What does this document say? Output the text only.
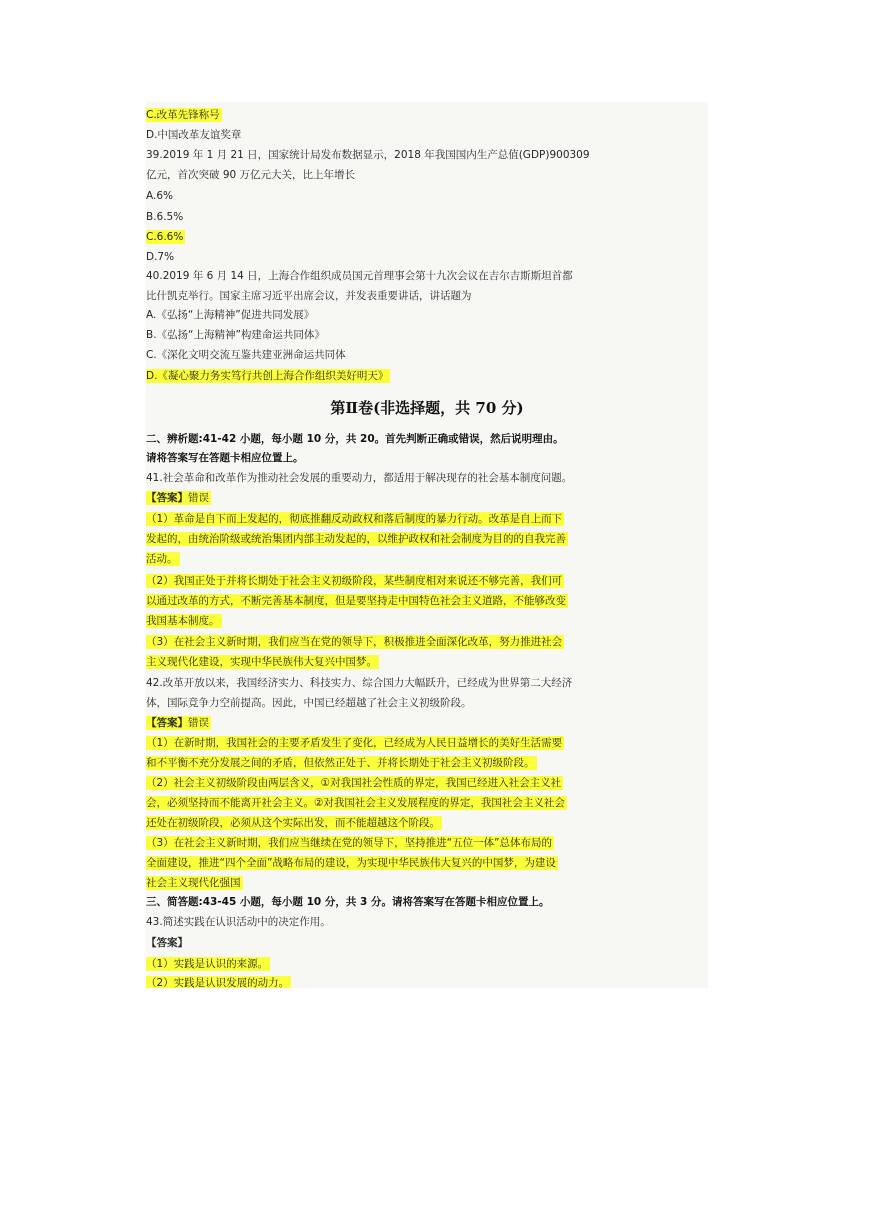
C.改革先锋称号
D.中国改革友谊奖章
39.2019 年 1 月 21 日，国家统计局发布数据显示，2018 年我国国内生产总值(GDP)900309
亿元，首次突破 90 万亿元大关，比上年增长
A.6%
B.6.5%
C.6.6%
D.7%
40.2019 年 6 月 14 日，上海合作组织成员国元首理事会第十九次会议在吉尔吉斯斯坦首都
比什凯克举行。国家主席习近平出席会议，并发表重要讲话，讲话题为
A.《弘扬“上海精神”促进共同发展》
B.《弘扬“上海精神”构建命运共同体》
C.《深化文明交流互鉴共建亚洲命运共同体
D.《凝心聚力务实笃行共创上海合作组织美好明天》
第Ⅱ卷(非选择题，共 70 分)
二、辨析题:41-42 小题，每小题 10 分，共 20。首先判断正确或错误，然后说明理由。
请将答案写在答题卡相应位置上。
41.社会革命和改革作为推动社会发展的重要动力，都适用于解决现存的社会基本制度问题。
【答案】错误
（1）革命是自下而上发起的，彻底推翻反动政权和落后制度的暴力行动。改革是自上而下
发起的，由统治阶级或统治集团内部主动发起的，以维护政权和社会制度为目的的自我完善
活动。
（2）我国正处于并将长期处于社会主义初级阶段，某些制度相对来说还不够完善，我们可
以通过改革的方式，不断完善基本制度，但是要坚持走中国特色社会主义道路，不能够改变
我国基本制度。
（3）在社会主义新时期，我们应当在党的领导下，积极推进全面深化改革，努力推进社会
主义现代化建设，实现中华民族伟大复兴中国梦。
42.改革开放以来，我国经济实力、科技实力、综合国力大幅跃升，已经成为世界第二大经济
体，国际竞争力空前提高。因此，中国已经超越了社会主义初级阶段。
【答案】错误
（1）在新时期，我国社会的主要矛盾发生了变化，已经成为人民日益增长的美好生活需要
和不平衡不充分发展之间的矛盾，但依然正处于、并将长期处于社会主义初级阶段。
（2）社会主义初级阶段由两层含义，①对我国社会性质的界定，我国已经进入社会主义社
会，必须坚持而不能离开社会主义。②对我国社会主义发展程度的界定，我国社会主义社会
还处在初级阶段，必须从这个实际出发，而不能超越这个阶段。
（3）在社会主义新时期，我们应当继续在党的领导下，坚持推进“五位一体”总体布局的
全面建设，推进“四个全面”战略布局的建设，为实现中华民族伟大复兴的中国梦，为建设
社会主义现代化强国
三、简答题:43-45 小题，每小题 10 分，共 3 分。请将答案写在答题卡相应位置上。
43.简述实践在认识活动中的决定作用。
【答案】
（1）实践是认识的来源。
（2）实践是认识发展的动力。
